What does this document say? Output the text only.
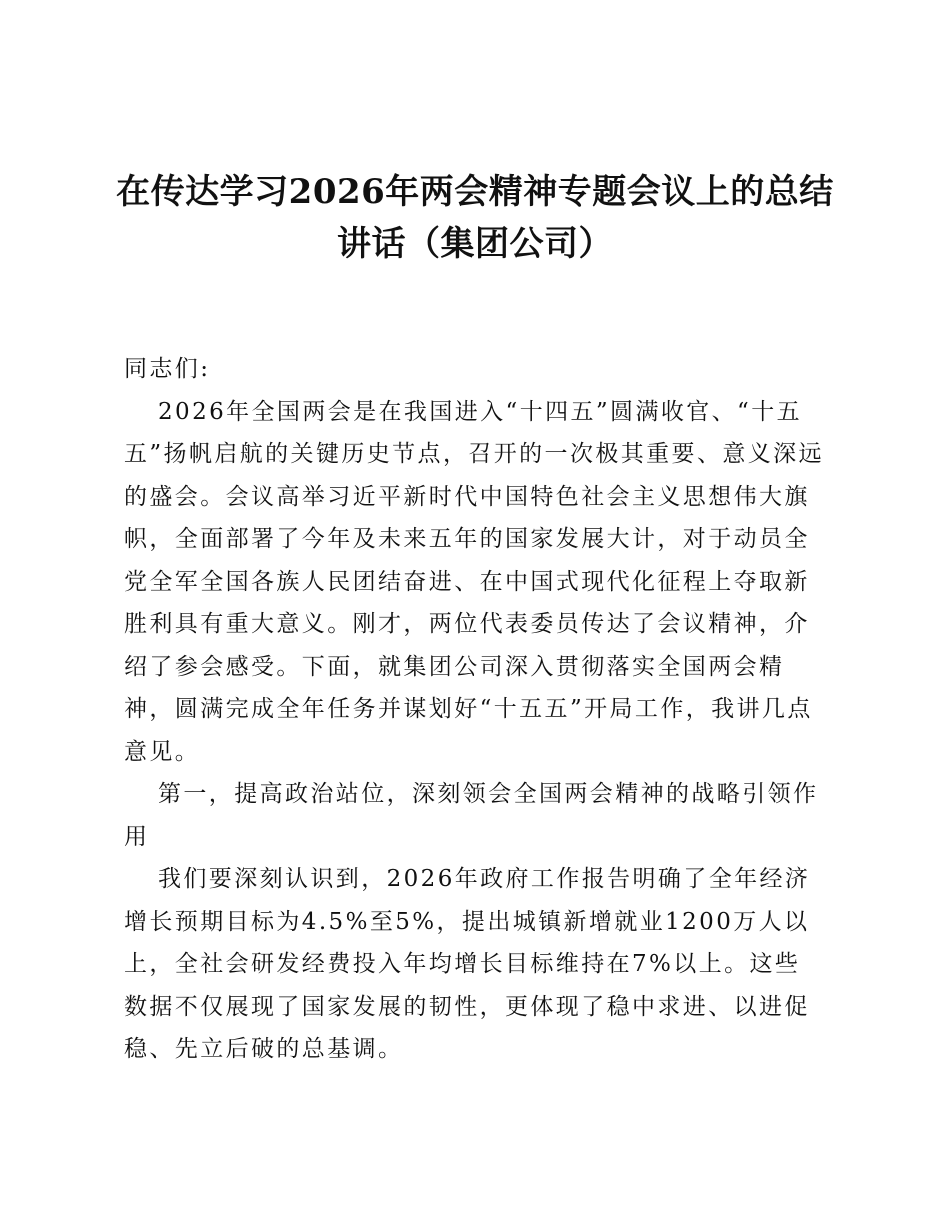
在传达学习2026年两会精神专题会议上的总结
讲话（集团公司）

同志们:

2026年全国两会是在我国进入“十四五”圆满收官、“十五五”扬帆启航的关键历史节点，召开的一次极其重要、意义深远的盛会。会议高举习近平新时代中国特色社会主义思想伟大旗帜，全面部署了今年及未来五年的国家发展大计，对于动员全党全军全国各族人民团结奋进、在中国式现代化征程上夺取新胜利具有重大意义。刚才，两位代表委员传达了会议精神，介绍了参会感受。下面，就集团公司深入贯彻落实全国两会精神，圆满完成全年任务并谋划好“十五五”开局工作，我讲几点意见。

第一，提高政治站位，深刻领会全国两会精神的战略引领作用

我们要深刻认识到，2026年政府工作报告明确了全年经济增长预期目标为4.5%至5%，提出城镇新增就业1200万人以上，全社会研发经费投入年均增长目标维持在7%以上。这些数据不仅展现了国家发展的韧性，更体现了稳中求进、以进促稳、先立后破的总基调。
